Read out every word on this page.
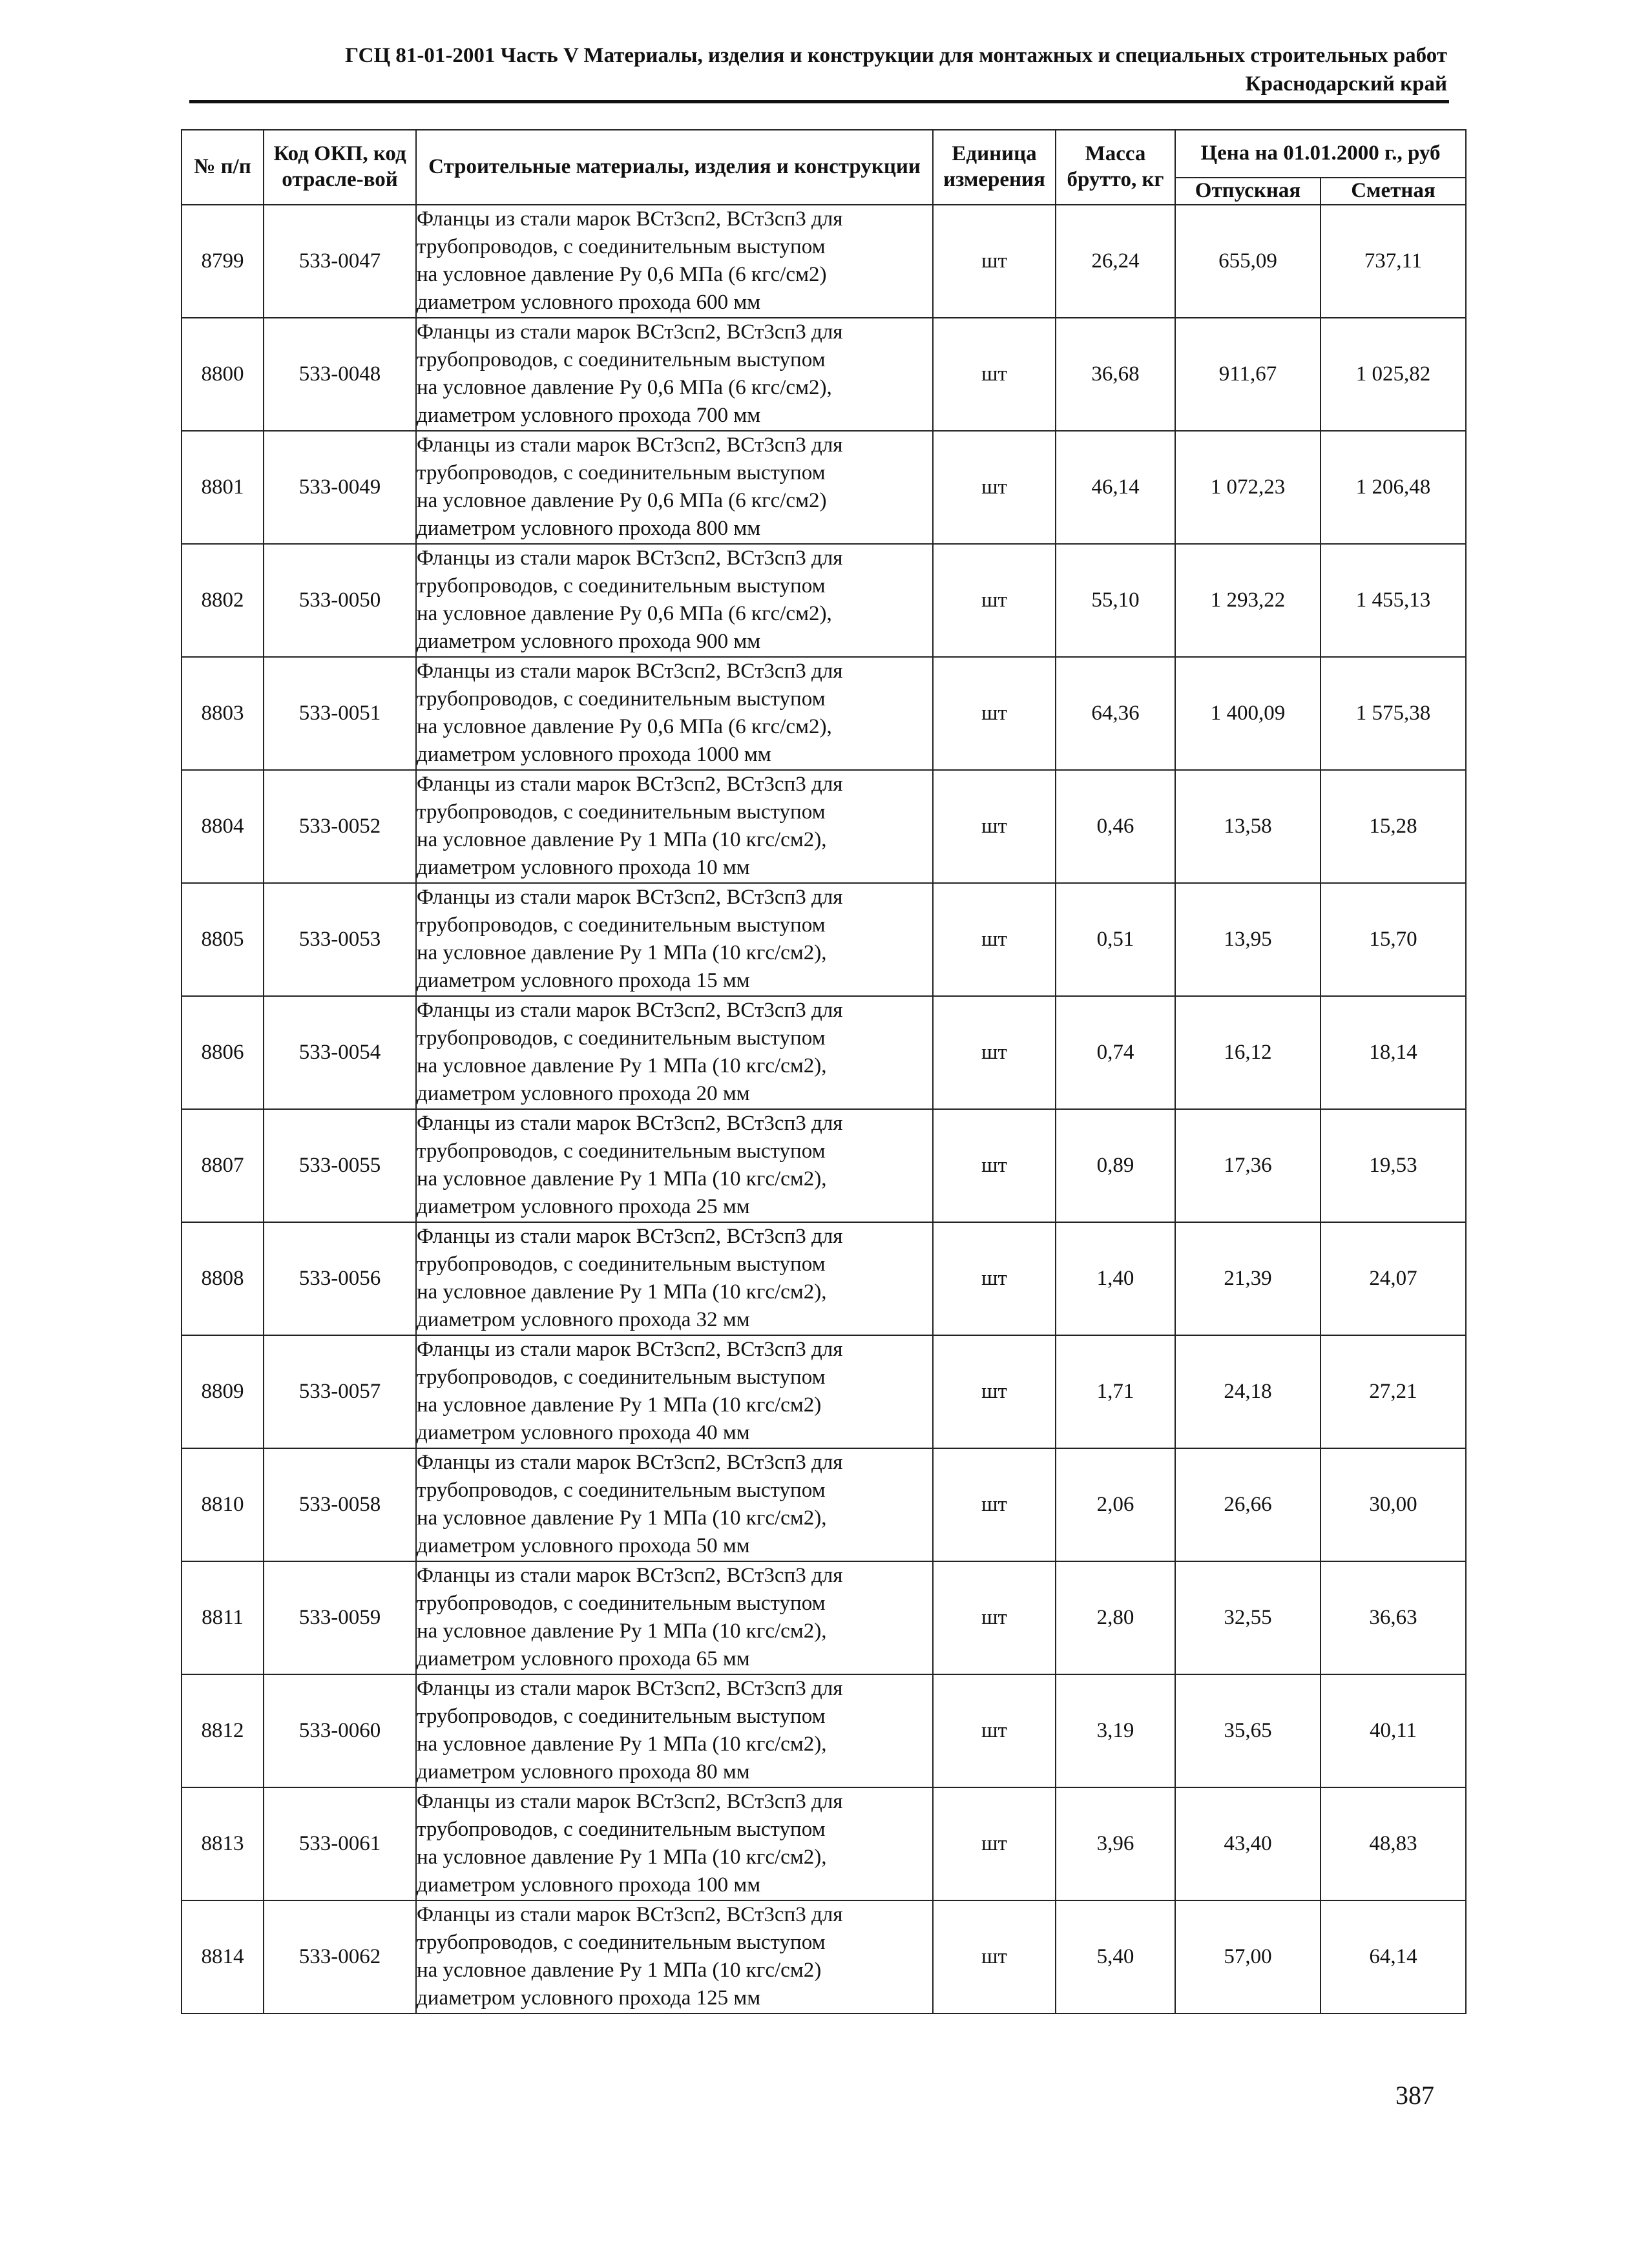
ГСЦ 81-01-2001 Часть V Материалы, изделия и конструкции для монтажных и специальных строительных работ
Краснодарский край
№ п/п	Код ОКП, код отрасле-вой	Строительные материалы, изделия и конструкции	Единица измерения	Масса брутто, кг	Цена на 01.01.2000 г., руб	
					Отпускная	Сметная
8799	533-0047	Фланцы из стали марок ВСт3сп2, ВСт3сп3 для
трубопроводов, с соединительным выступом
на условное давление Ру 0,6 МПа (6 кгс/см2)
диаметром условного прохода 600 мм	шт	26,24	655,09	737,11
8800	533-0048	Фланцы из стали марок ВСт3сп2, ВСт3сп3 для
трубопроводов, с соединительным выступом
на условное давление Ру 0,6 МПа (6 кгс/см2),
диаметром условного прохода 700 мм	шт	36,68	911,67	1 025,82
8801	533-0049	Фланцы из стали марок ВСт3сп2, ВСт3сп3 для
трубопроводов, с соединительным выступом
на условное давление Ру 0,6 МПа (6 кгс/см2)
диаметром условного прохода 800 мм	шт	46,14	1 072,23	1 206,48
8802	533-0050	Фланцы из стали марок ВСт3сп2, ВСт3сп3 для
трубопроводов, с соединительным выступом
на условное давление Ру 0,6 МПа (6 кгс/см2),
диаметром условного прохода 900 мм	шт	55,10	1 293,22	1 455,13
8803	533-0051	Фланцы из стали марок ВСт3сп2, ВСт3сп3 для
трубопроводов, с соединительным выступом
на условное давление Ру 0,6 МПа (6 кгс/см2),
диаметром условного прохода 1000 мм	шт	64,36	1 400,09	1 575,38
8804	533-0052	Фланцы из стали марок ВСт3сп2, ВСт3сп3 для
трубопроводов, с соединительным выступом
на условное давление Ру 1 МПа (10 кгс/см2),
диаметром условного прохода 10 мм	шт	0,46	13,58	15,28
8805	533-0053	Фланцы из стали марок ВСт3сп2, ВСт3сп3 для
трубопроводов, с соединительным выступом
на условное давление Ру 1 МПа (10 кгс/см2),
диаметром условного прохода 15 мм	шт	0,51	13,95	15,70
8806	533-0054	Фланцы из стали марок ВСт3сп2, ВСт3сп3 для
трубопроводов, с соединительным выступом
на условное давление Ру 1 МПа (10 кгс/см2),
диаметром условного прохода 20 мм	шт	0,74	16,12	18,14
8807	533-0055	Фланцы из стали марок ВСт3сп2, ВСт3сп3 для
трубопроводов, с соединительным выступом
на условное давление Ру 1 МПа (10 кгс/см2),
диаметром условного прохода 25 мм	шт	0,89	17,36	19,53
8808	533-0056	Фланцы из стали марок ВСт3сп2, ВСт3сп3 для
трубопроводов, с соединительным выступом
на условное давление Ру 1 МПа (10 кгс/см2),
диаметром условного прохода 32 мм	шт	1,40	21,39	24,07
8809	533-0057	Фланцы из стали марок ВСт3сп2, ВСт3сп3 для
трубопроводов, с соединительным выступом
на условное давление Ру 1 МПа (10 кгс/см2)
диаметром условного прохода 40 мм	шт	1,71	24,18	27,21
8810	533-0058	Фланцы из стали марок ВСт3сп2, ВСт3сп3 для
трубопроводов, с соединительным выступом
на условное давление Ру 1 МПа (10 кгс/см2),
диаметром условного прохода 50 мм	шт	2,06	26,66	30,00
8811	533-0059	Фланцы из стали марок ВСт3сп2, ВСт3сп3 для
трубопроводов, с соединительным выступом
на условное давление Ру 1 МПа (10 кгс/см2),
диаметром условного прохода 65 мм	шт	2,80	32,55	36,63
8812	533-0060	Фланцы из стали марок ВСт3сп2, ВСт3сп3 для
трубопроводов, с соединительным выступом
на условное давление Ру 1 МПа (10 кгс/см2),
диаметром условного прохода 80 мм	шт	3,19	35,65	40,11
8813	533-0061	Фланцы из стали марок ВСт3сп2, ВСт3сп3 для
трубопроводов, с соединительным выступом
на условное давление Ру 1 МПа (10 кгс/см2),
диаметром условного прохода 100 мм	шт	3,96	43,40	48,83
8814	533-0062	Фланцы из стали марок ВСт3сп2, ВСт3сп3 для
трубопроводов, с соединительным выступом
на условное давление Ру 1 МПа (10 кгс/см2)
диаметром условного прохода 125 мм	шт	5,40	57,00	64,14
387
